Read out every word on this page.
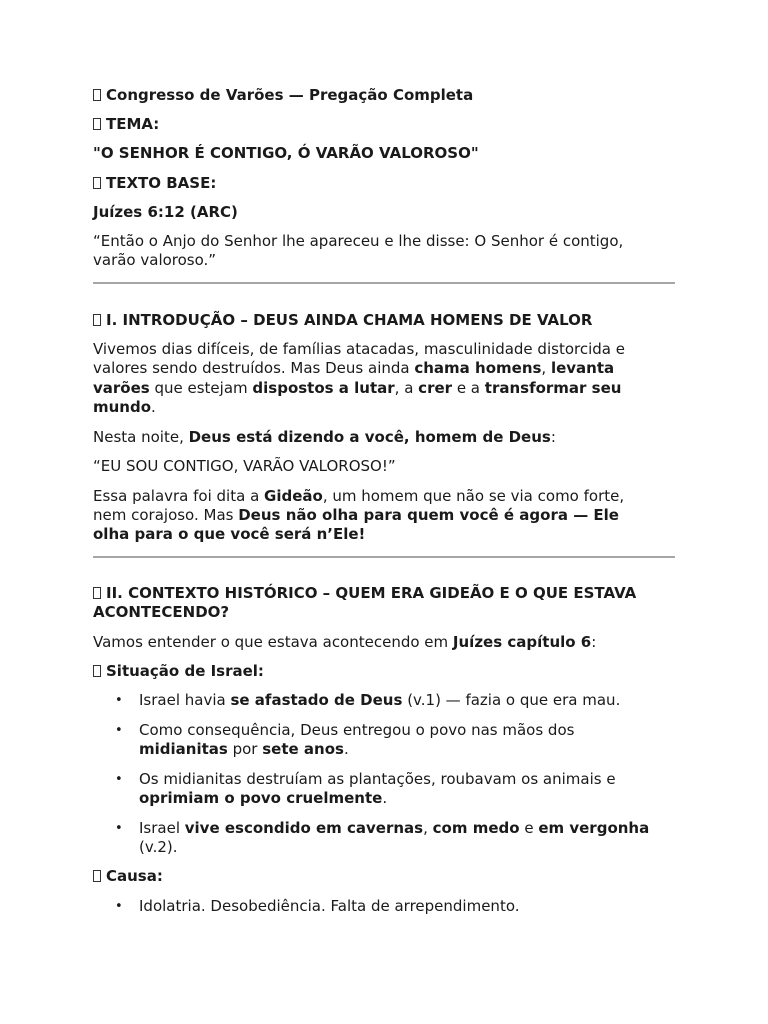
Congresso de Varões — Pregação Completa
TEMA:
"O SENHOR É CONTIGO, Ó VARÃO VALOROSO"
TEXTO BASE:
Juízes 6:12 (ARC)
“Então o Anjo do Senhor lhe apareceu e lhe disse: O Senhor é contigo,
varão valoroso.”
I. INTRODUÇÃO – DEUS AINDA CHAMA HOMENS DE VALOR
Vivemos dias difíceis, de famílias atacadas, masculinidade distorcida e
valores sendo destruídos. Mas Deus ainda chama homens, levanta
varões que estejam dispostos a lutar, a crer e a transformar seu
mundo.
Nesta noite, Deus está dizendo a você, homem de Deus:
“EU SOU CONTIGO, VARÃO VALOROSO!”
Essa palavra foi dita a Gideão, um homem que não se via como forte,
nem corajoso. Mas Deus não olha para quem você é agora — Ele
olha para o que você será n’Ele!
II. CONTEXTO HISTÓRICO – QUEM ERA GIDEÃO E O QUE ESTAVA
ACONTECENDO?
Vamos entender o que estava acontecendo em Juízes capítulo 6:
Situação de Israel:
• Israel havia se afastado de Deus (v.1) — fazia o que era mau.
• Como consequência, Deus entregou o povo nas mãos dos
midianitas por sete anos.
• Os midianitas destruíam as plantações, roubavam os animais e
oprimiam o povo cruelmente.
• Israel vive escondido em cavernas, com medo e em vergonha
(v.2).
Causa:
• Idolatria. Desobediência. Falta de arrependimento.
